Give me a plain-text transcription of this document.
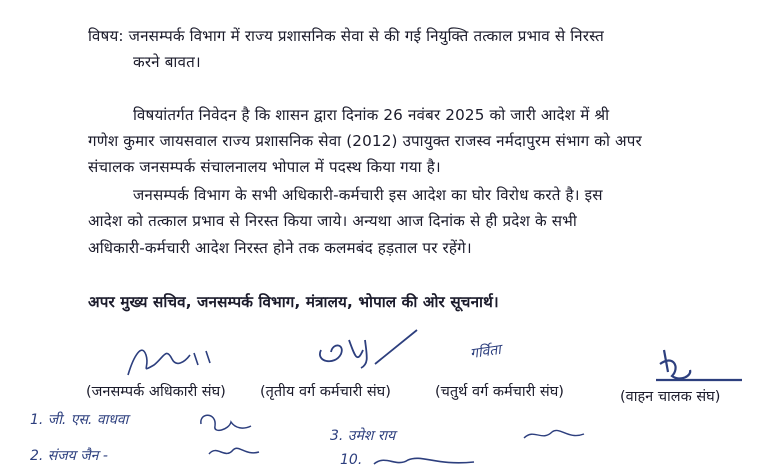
विषय: जनसम्पर्क विभाग में राज्य प्रशासनिक सेवा से की गई नियुक्ति तत्काल प्रभाव से निरस्त
करने बावत।
विषयांतर्गत निवेदन है कि शासन द्वारा दिनांक 26 नवंबर 2025 को जारी आदेश में श्री
गणेश कुमार जायसवाल राज्य प्रशासनिक सेवा (2012) उपायुक्त राजस्व नर्मदापुरम संभाग को अपर
संचालक जनसम्पर्क संचालनालय भोपाल में पदस्थ किया गया है।
जनसम्पर्क विभाग के सभी अधिकारी-कर्मचारी इस आदेश का घोर विरोध करते है। इस
आदेश को तत्काल प्रभाव से निरस्त किया जाये। अन्यथा आज दिनांक से ही प्रदेश के सभी
अधिकारी-कर्मचारी आदेश निरस्त होने तक कलमबंद हड़ताल पर रहेंगे।
अपर मुख्य सचिव, जनसम्पर्क विभाग, मंत्रालय, भोपाल की ओर सूचनार्थ।
गर्विता
(जनसम्पर्क अधिकारी संघ) (तृतीय वर्ग कर्मचारी संघ)	(चतुर्थ वर्ग कर्मचारी संघ)	(वाहन चालक संघ)
1. जी. एस. वाधवा
2. संजय जैन -
3. उमेश राय
10.
